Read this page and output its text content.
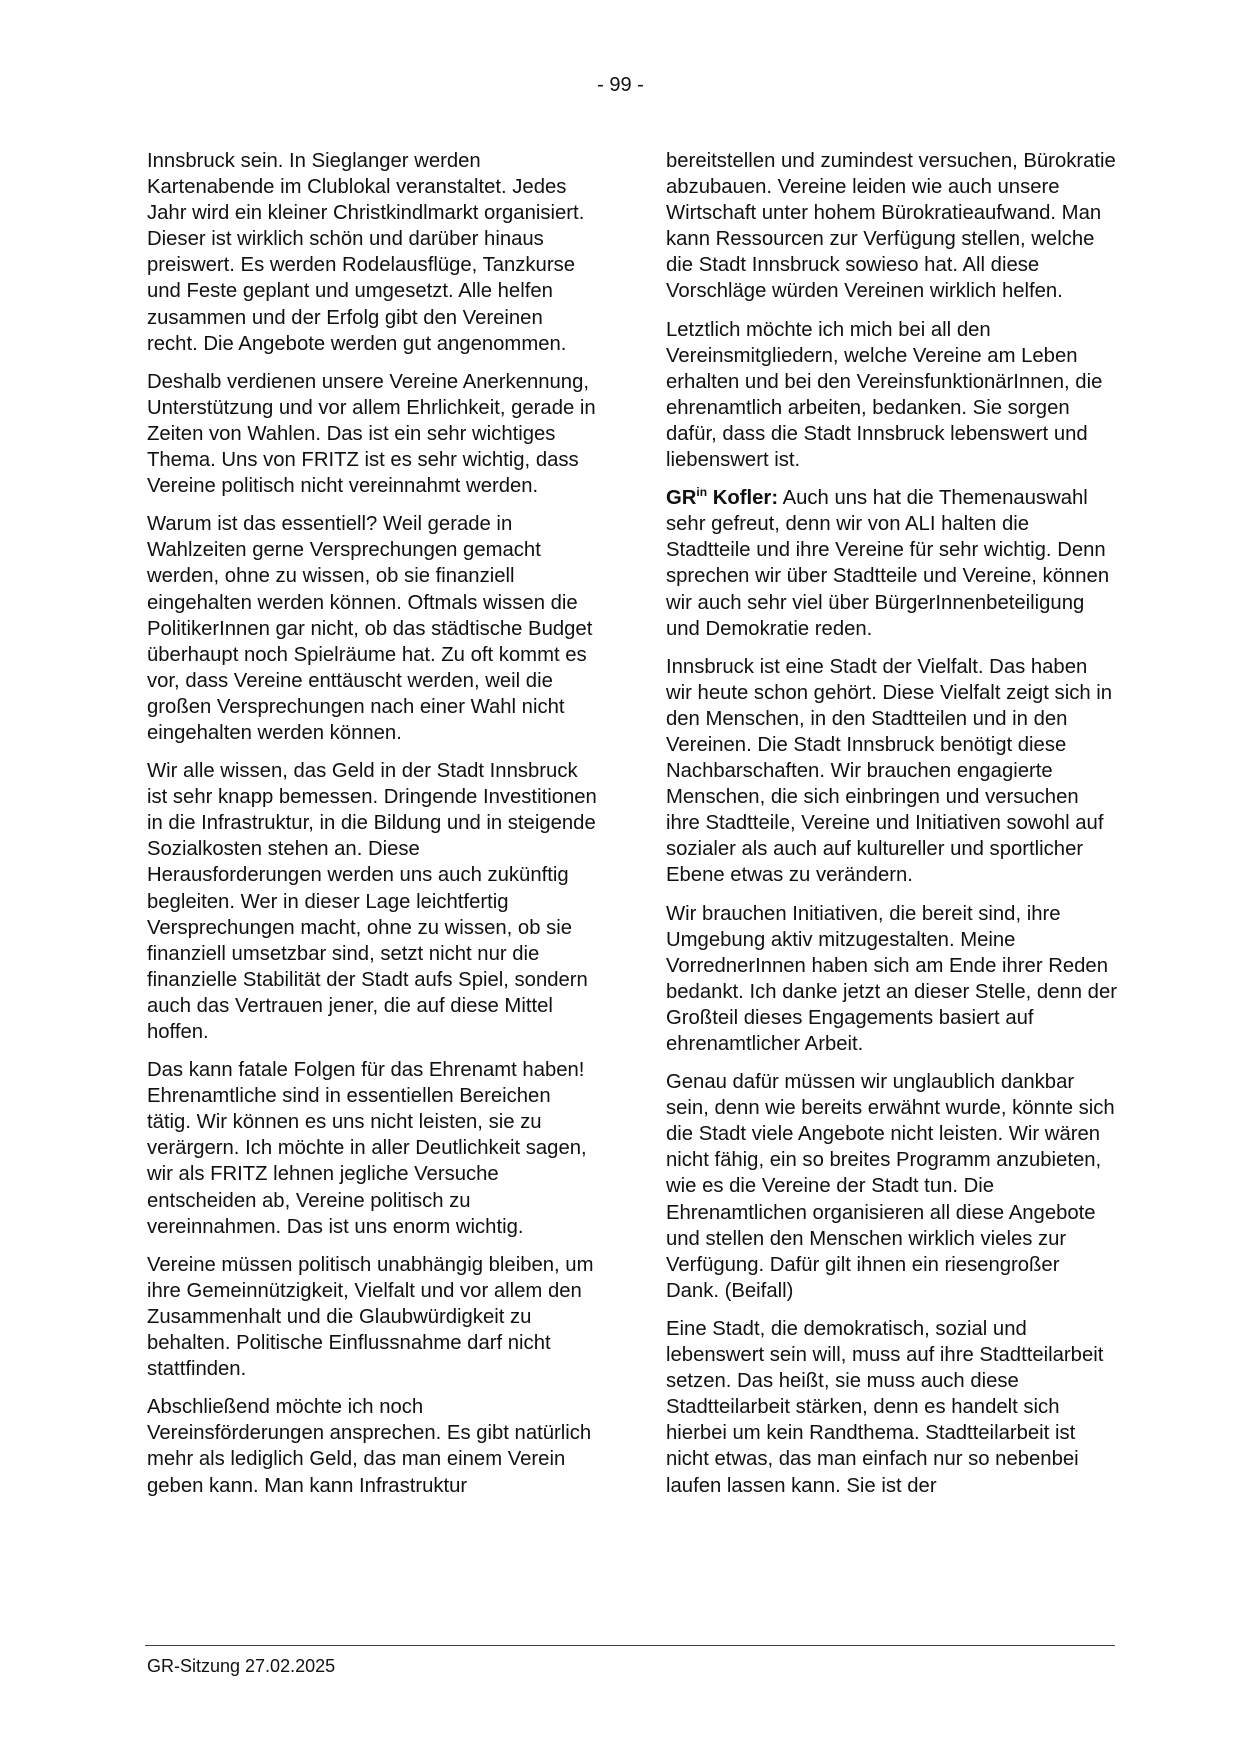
- 99 -

Innsbruck sein. In Sieglanger werden Kartenabende im Clublokal veranstaltet. Jedes Jahr wird ein kleiner Christkindlmarkt organisiert. Dieser ist wirklich schön und darüber hinaus preiswert. Es werden Rodelausflüge, Tanzkurse und Feste geplant und umgesetzt. Alle helfen zusammen und der Erfolg gibt den Vereinen recht. Die Angebote werden gut angenommen.

Deshalb verdienen unsere Vereine Anerkennung, Unterstützung und vor allem Ehrlichkeit, gerade in Zeiten von Wahlen. Das ist ein sehr wichtiges Thema. Uns von FRITZ ist es sehr wichtig, dass Vereine politisch nicht vereinnahmt werden.

Warum ist das essentiell? Weil gerade in Wahlzeiten gerne Versprechungen gemacht werden, ohne zu wissen, ob sie finanziell eingehalten werden können. Oftmals wissen die PolitikerInnen gar nicht, ob das städtische Budget überhaupt noch Spielräume hat. Zu oft kommt es vor, dass Vereine enttäuscht werden, weil die großen Versprechungen nach einer Wahl nicht eingehalten werden können.

Wir alle wissen, das Geld in der Stadt Innsbruck ist sehr knapp bemessen. Dringende Investitionen in die Infrastruktur, in die Bildung und in steigende Sozialkosten stehen an. Diese Herausforderungen werden uns auch zukünftig begleiten. Wer in dieser Lage leichtfertig Versprechungen macht, ohne zu wissen, ob sie finanziell umsetzbar sind, setzt nicht nur die finanzielle Stabilität der Stadt aufs Spiel, sondern auch das Vertrauen jener, die auf diese Mittel hoffen.

Das kann fatale Folgen für das Ehrenamt haben! Ehrenamtliche sind in essentiellen Bereichen tätig. Wir können es uns nicht leisten, sie zu verärgern. Ich möchte in aller Deutlichkeit sagen, wir als FRITZ lehnen jegliche Versuche entscheiden ab, Vereine politisch zu vereinnahmen. Das ist uns enorm wichtig.

Vereine müssen politisch unabhängig bleiben, um ihre Gemeinnützigkeit, Vielfalt und vor allem den Zusammenhalt und die Glaubwürdigkeit zu behalten. Politische Einflussnahme darf nicht stattfinden.

Abschließend möchte ich noch Vereinsförderungen ansprechen. Es gibt natürlich mehr als lediglich Geld, das man einem Verein geben kann. Man kann Infrastruktur

bereitstellen und zumindest versuchen, Bürokratie abzubauen. Vereine leiden wie auch unsere Wirtschaft unter hohem Bürokratieaufwand. Man kann Ressourcen zur Verfügung stellen, welche die Stadt Innsbruck sowieso hat. All diese Vorschläge würden Vereinen wirklich helfen.

Letztlich möchte ich mich bei all den Vereinsmitgliedern, welche Vereine am Leben erhalten und bei den VereinsfunktionärInnen, die ehrenamtlich arbeiten, bedanken. Sie sorgen dafür, dass die Stadt Innsbruck lebenswert und liebenswert ist.

$GR^{in}$ Kofler: Auch uns hat die Themenauswahl sehr gefreut, denn wir von ALI halten die Stadtteile und ihre Vereine für sehr wichtig. Denn sprechen wir über Stadtteile und Vereine, können wir auch sehr viel über BürgerInnenbeteiligung und Demokratie reden.

Innsbruck ist eine Stadt der Vielfalt. Das haben wir heute schon gehört. Diese Vielfalt zeigt sich in den Menschen, in den Stadtteilen und in den Vereinen. Die Stadt Innsbruck benötigt diese Nachbarschaften. Wir brauchen engagierte Menschen, die sich einbringen und versuchen ihre Stadtteile, Vereine und Initiativen sowohl auf sozialer als auch auf kultureller und sportlicher Ebene etwas zu verändern.

Wir brauchen Initiativen, die bereit sind, ihre Umgebung aktiv mitzugestalten. Meine VorrednerInnen haben sich am Ende ihrer Reden bedankt. Ich danke jetzt an dieser Stelle, denn der Großteil dieses Engagements basiert auf ehrenamtlicher Arbeit.

Genau dafür müssen wir unglaublich dankbar sein, denn wie bereits erwähnt wurde, könnte sich die Stadt viele Angebote nicht leisten. Wir wären nicht fähig, ein so breites Programm anzubieten, wie es die Vereine der Stadt tun. Die Ehrenamtlichen organisieren all diese Angebote und stellen den Menschen wirklich vieles zur Verfügung. Dafür gilt ihnen ein riesengroßer Dank. (Beifall)

Eine Stadt, die demokratisch, sozial und lebenswert sein will, muss auf ihre Stadtteilarbeit setzen. Das heißt, sie muss auch diese Stadtteilarbeit stärken, denn es handelt sich hierbei um kein Randthema. Stadtteilarbeit ist nicht etwas, das man einfach nur so nebenbei laufen lassen kann. Sie ist der

GR-Sitzung 27.02.2025
